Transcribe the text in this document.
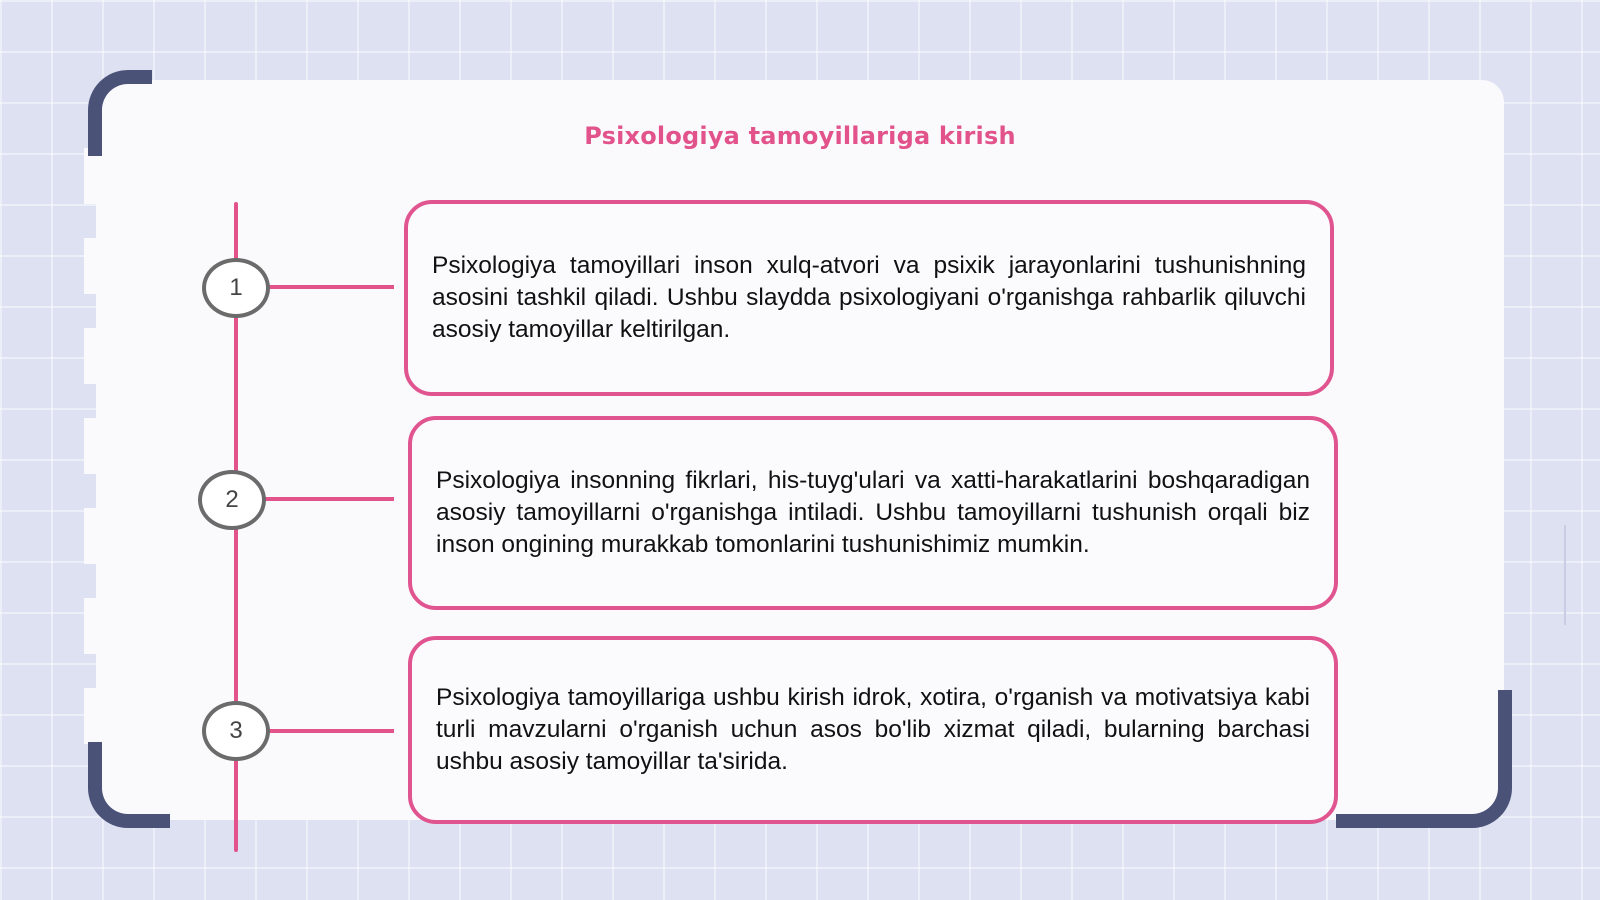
Psixologiya tamoyillariga kirish
1
2
3

Psixologiya tamoyillari inson xulq-atvori va psixik jarayonlarini tushunishning asosini tashkil qiladi. Ushbu slaydda psixologiyani o'rganishga rahbarlik qiluvchi asosiy tamoyillar keltirilgan.

Psixologiya insonning fikrlari, his-tuyg'ulari va xatti-harakatlarini boshqaradigan asosiy tamoyillarni o'rganishga intiladi. Ushbu tamoyillarni tushunish orqali biz inson ongining murakkab tomonlarini tushunishimiz mumkin.

Psixologiya tamoyillariga ushbu kirish idrok, xotira, o'rganish va motivatsiya kabi turli mavzularni o'rganish uchun asos bo'lib xizmat qiladi, bularning barchasi ushbu asosiy tamoyillar ta'sirida.
